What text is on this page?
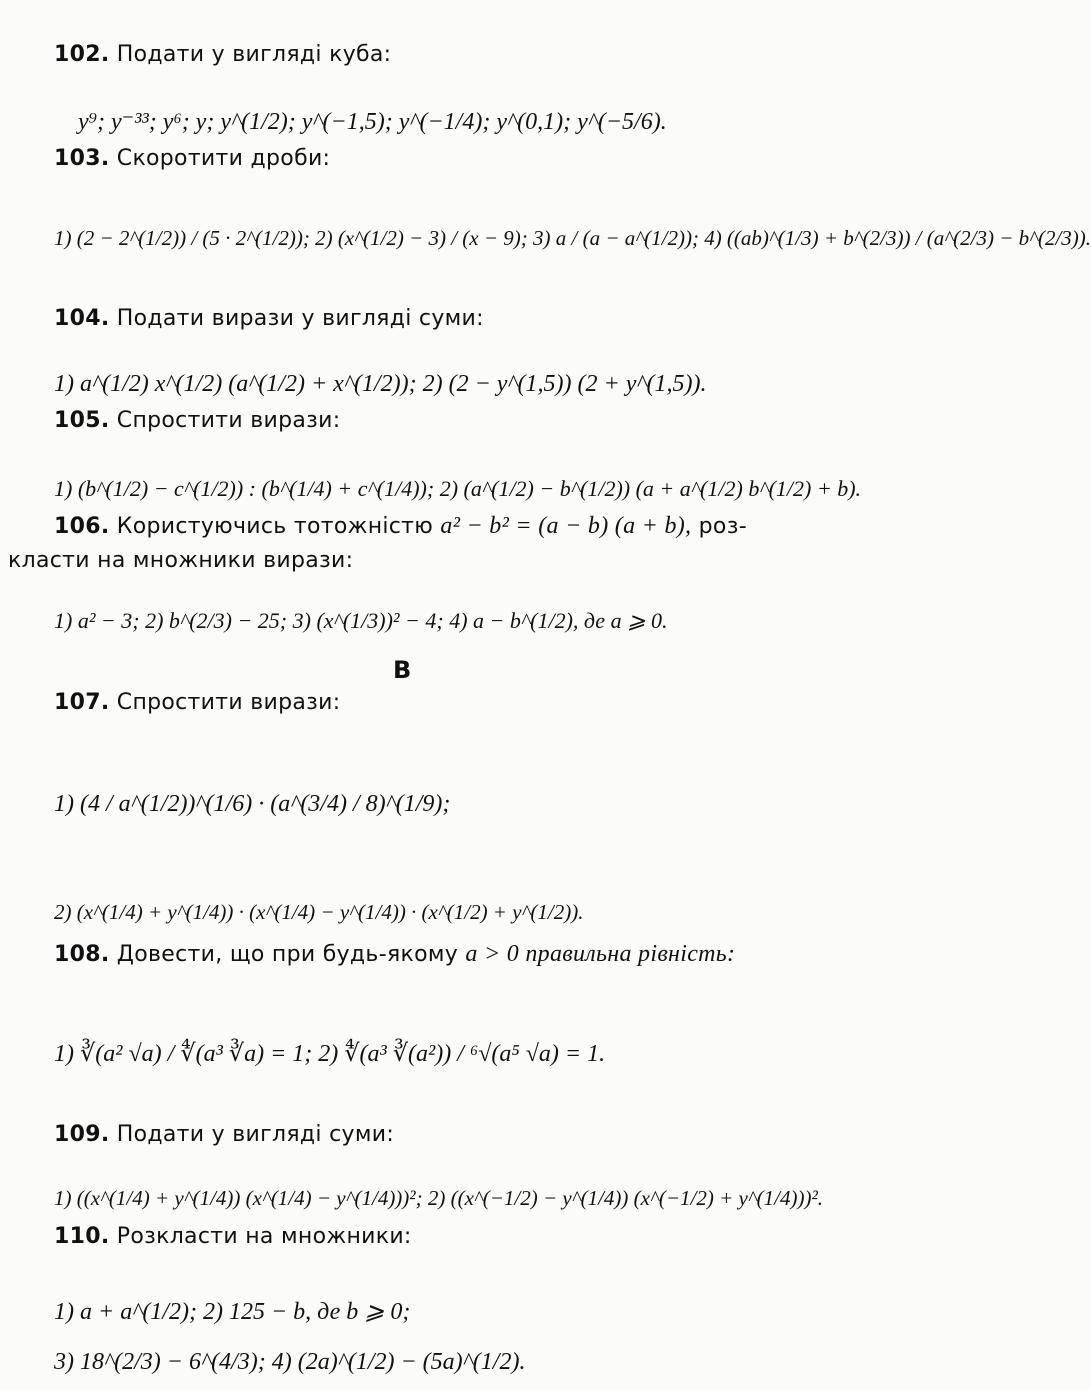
102. Подати у вигляді куба:
y⁹; y⁻³³; y⁶; y; y^(1/2); y^(−1,5); y^(−1/4); y^(0,1); y^(−5/6).
103. Скоротити дроби:
1) (2 − 2^(1/2)) / (5 · 2^(1/2)); 2) (x^(1/2) − 3) / (x − 9); 3) a / (a − a^(1/2)); 4) ((ab)^(1/3) + b^(2/3)) / (a^(2/3) − b^(2/3)).
104. Подати вирази у вигляді суми:
1) a^(1/2) x^(1/2) (a^(1/2) + x^(1/2)); 2) (2 − y^(1,5)) (2 + y^(1,5)).
105. Спростити вирази:
1) (b^(1/2) − c^(1/2)) : (b^(1/4) + c^(1/4)); 2) (a^(1/2) − b^(1/2)) (a + a^(1/2) b^(1/2) + b).
106. Користуючись тотожністю a² − b² = (a − b) (a + b), роз-
класти на множники вирази:
1) a² − 3; 2) b^(2/3) − 25; 3) (x^(1/3))² − 4; 4) a − b^(1/2), де a ⩾ 0.
В
107. Спростити вирази:
1) (4 / a^(1/2))^(1/6) · (a^(3/4) / 8)^(1/9);
2) (x^(1/4) + y^(1/4)) · (x^(1/4) − y^(1/4)) · (x^(1/2) + y^(1/2)).
108. Довести, що при будь-якому a > 0 правильна рівність:
1) ∛(a² √a) / ∜(a³ ∛a) = 1; 2) ∜(a³ ∛(a²)) / ⁶√(a⁵ √a) = 1.
109. Подати у вигляді суми:
1) ((x^(1/4) + y^(1/4)) (x^(1/4) − y^(1/4)))²; 2) ((x^(−1/2) − y^(1/4)) (x^(−1/2) + y^(1/4)))².
110. Розкласти на множники:
1) a + a^(1/2); 2) 125 − b, де b ⩾ 0;
3) 18^(2/3) − 6^(4/3); 4) (2a)^(1/2) − (5a)^(1/2).
